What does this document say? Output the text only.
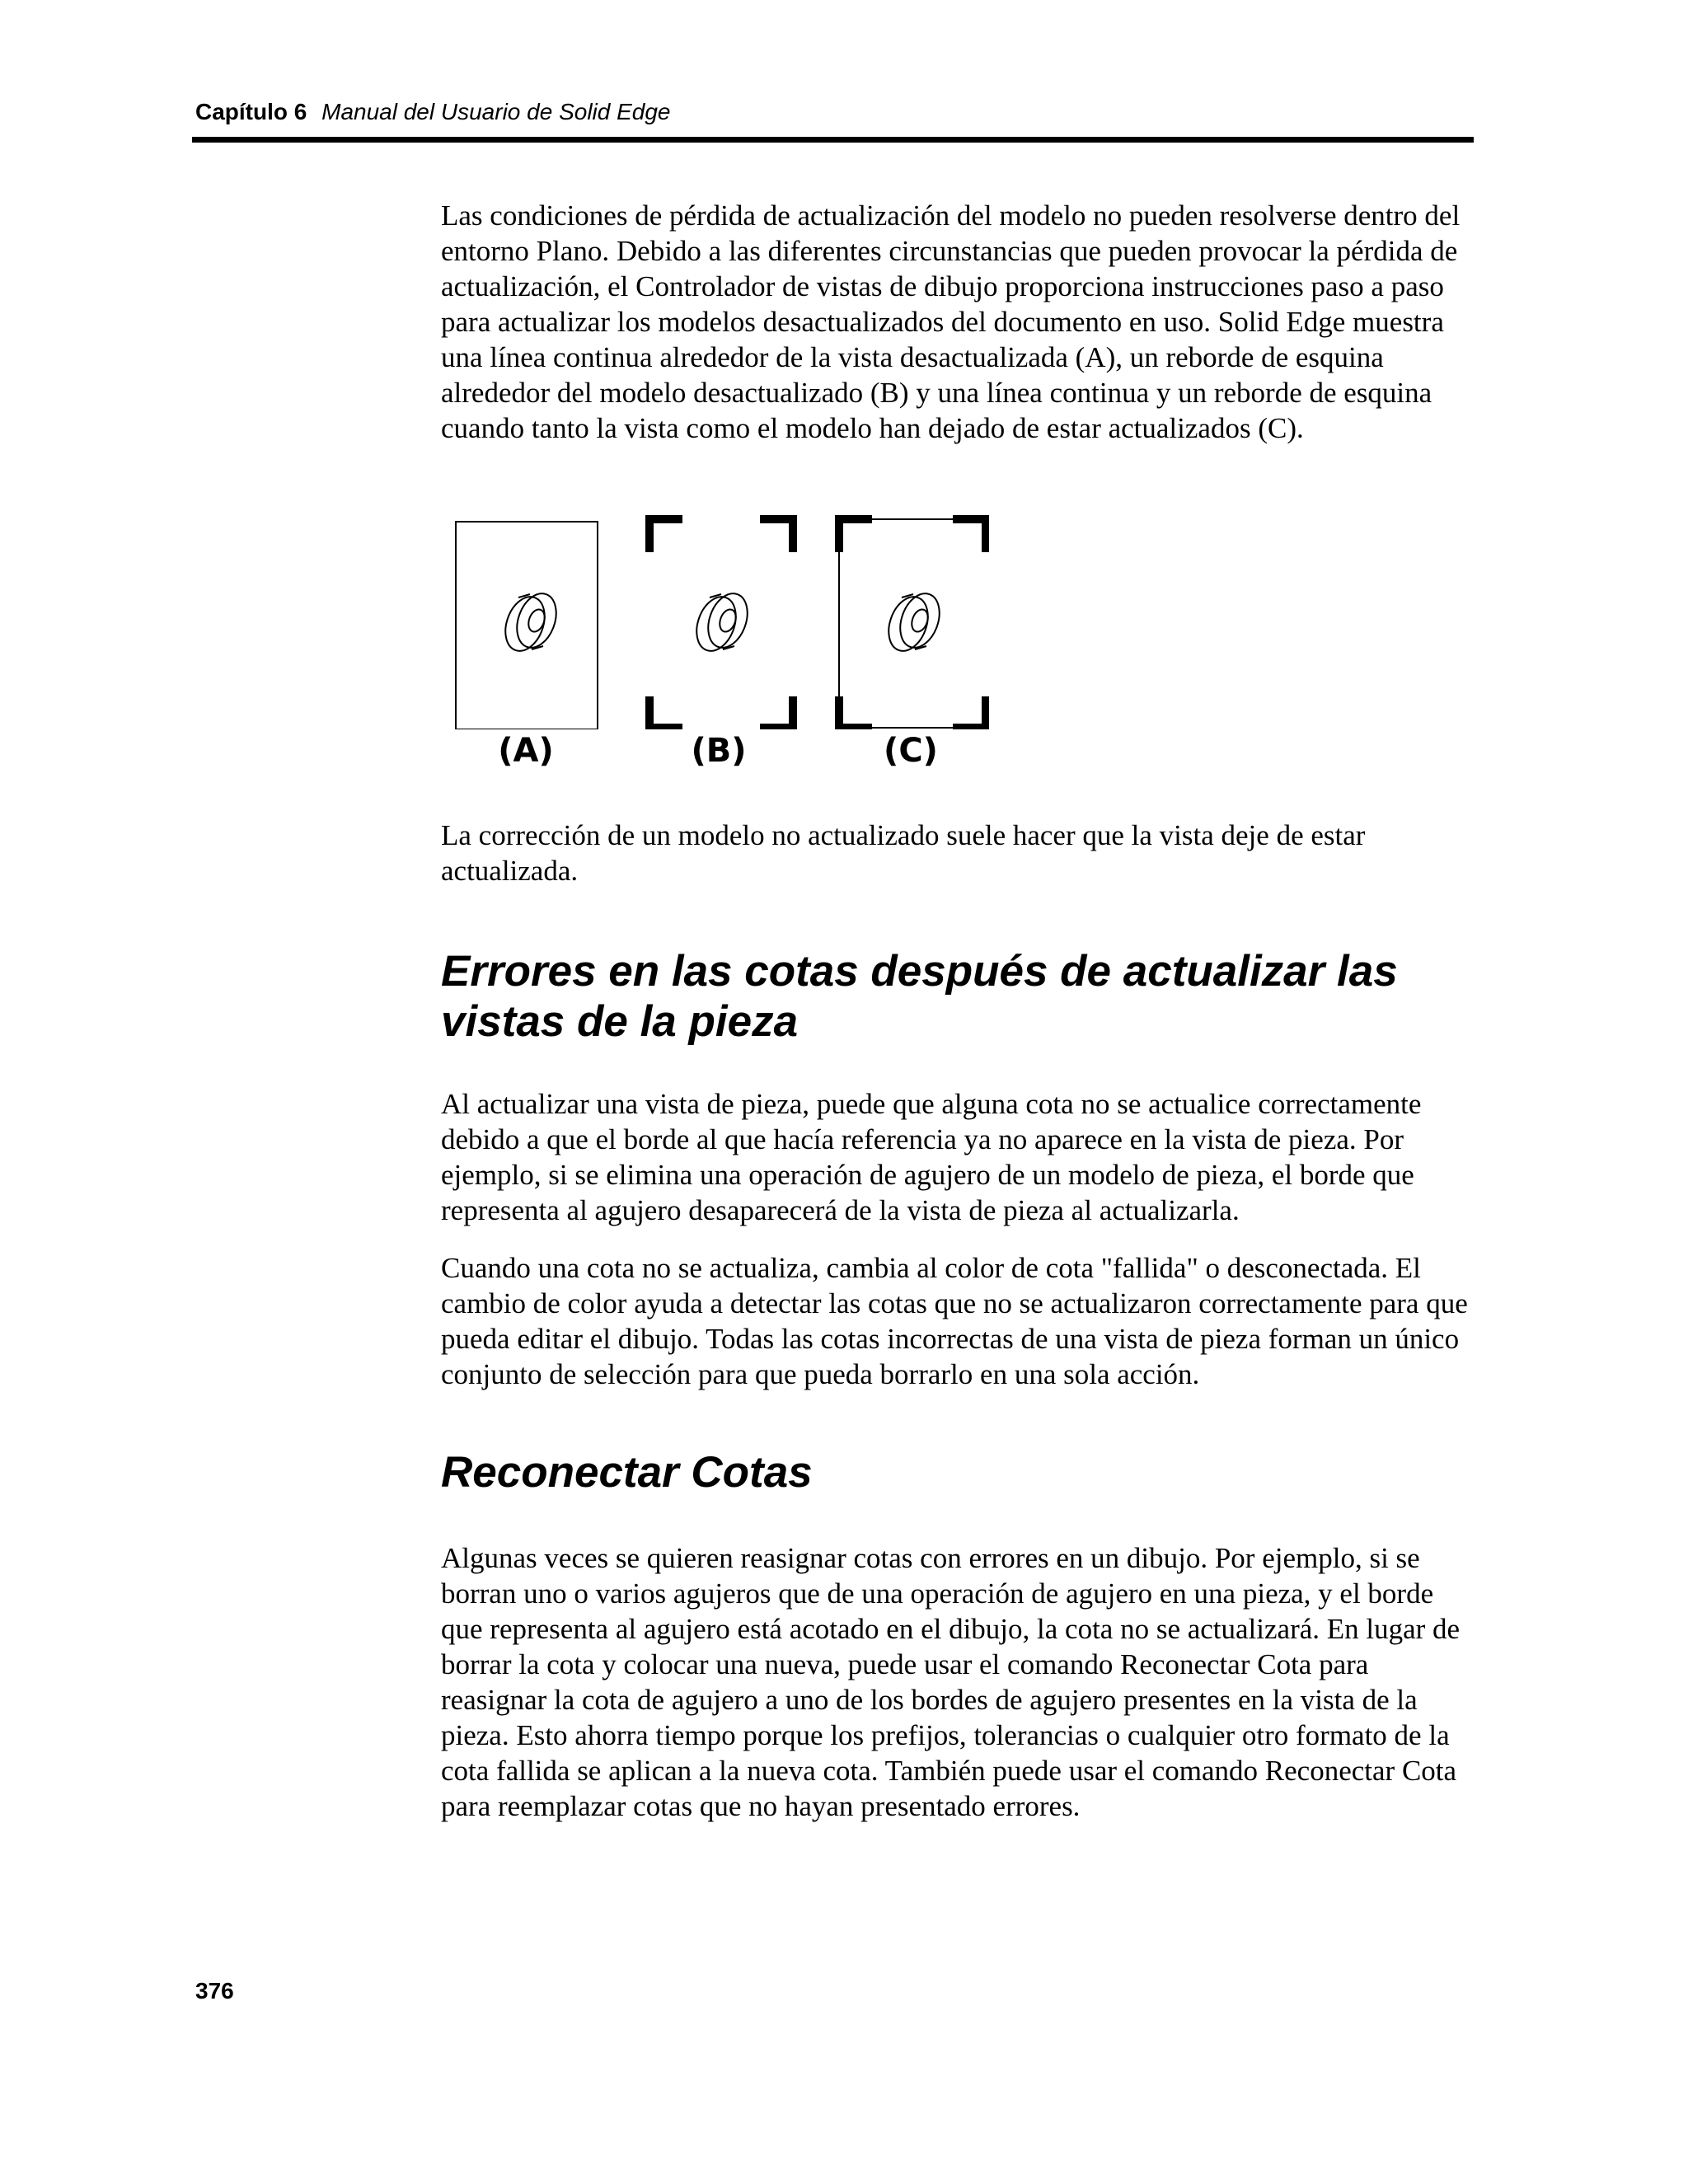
Capítulo 6 Manual del Usuario de Solid Edge

Las condiciones de pérdida de actualización del modelo no pueden resolverse dentro del entorno Plano. Debido a las diferentes circunstancias que pueden provocar la pérdida de actualización, el Controlador de vistas de dibujo proporciona instrucciones paso a paso para actualizar los modelos desactualizados del documento en uso. Solid Edge muestra una línea continua alrededor de la vista desactualizada (A), un reborde de esquina alrededor del modelo desactualizado (B) y una línea continua y un reborde de esquina cuando tanto la vista como el modelo han dejado de estar actualizados (C).

(A)	(B)	(C)

La corrección de un modelo no actualizado suele hacer que la vista deje de estar actualizada.

Errores en las cotas después de actualizar las vistas de la pieza

Al actualizar una vista de pieza, puede que alguna cota no se actualice correctamente debido a que el borde al que hacía referencia ya no aparece en la vista de pieza. Por ejemplo, si se elimina una operación de agujero de un modelo de pieza, el borde que representa al agujero desaparecerá de la vista de pieza al actualizarla.

Cuando una cota no se actualiza, cambia al color de cota "fallida" o desconectada. El cambio de color ayuda a detectar las cotas que no se actualizaron correctamente para que pueda editar el dibujo. Todas las cotas incorrectas de una vista de pieza forman un único conjunto de selección para que pueda borrarlo en una sola acción.

Reconectar Cotas

Algunas veces se quieren reasignar cotas con errores en un dibujo. Por ejemplo, si se borran uno o varios agujeros que de una operación de agujero en una pieza, y el borde que representa al agujero está acotado en el dibujo, la cota no se actualizará. En lugar de borrar la cota y colocar una nueva, puede usar el comando Reconectar Cota para reasignar la cota de agujero a uno de los bordes de agujero presentes en la vista de la pieza. Esto ahorra tiempo porque los prefijos, tolerancias o cualquier otro formato de la cota fallida se aplican a la nueva cota. También puede usar el comando Reconectar Cota para reemplazar cotas que no hayan presentado errores.

376
